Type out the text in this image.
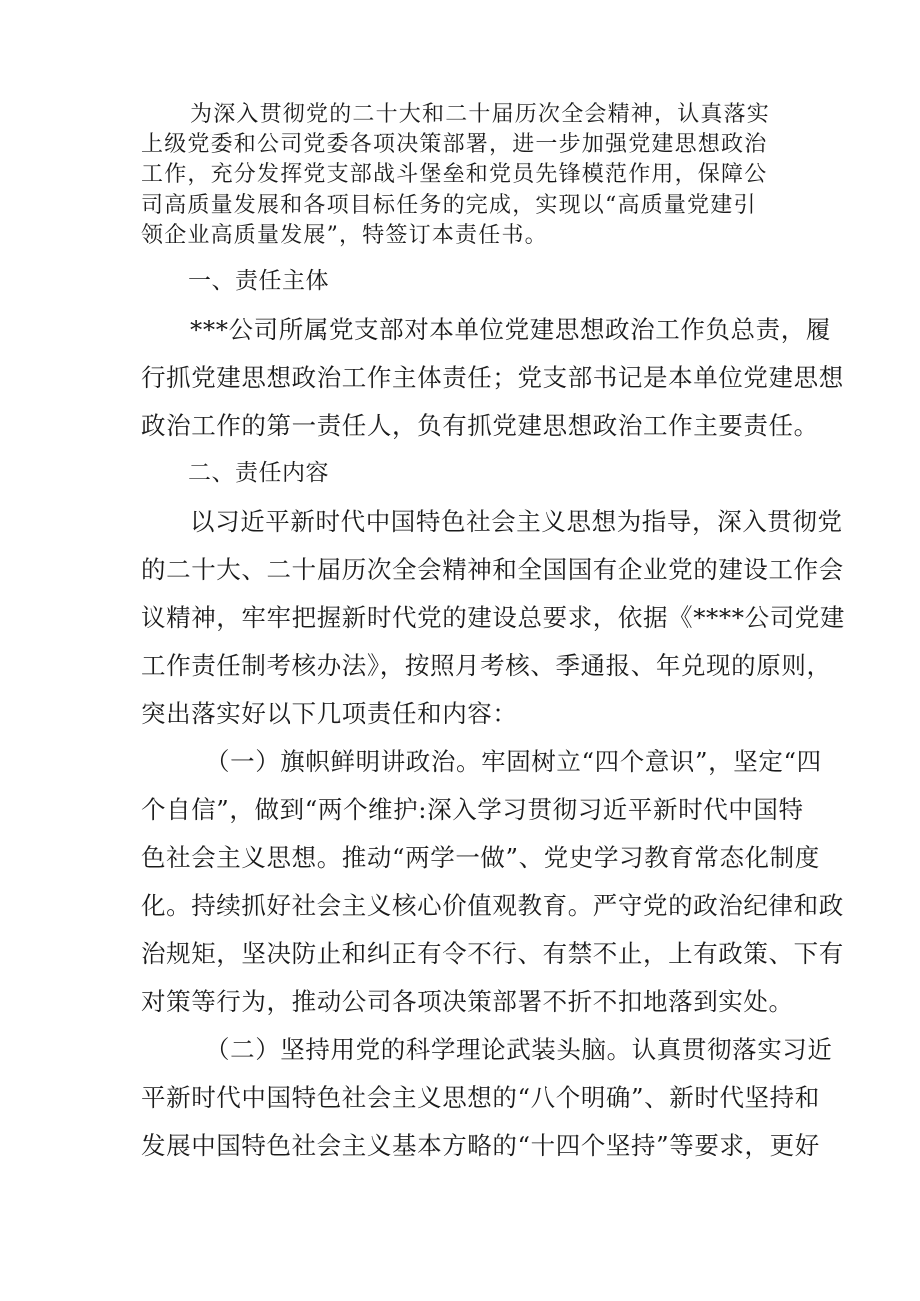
为深入贯彻党的二十大和二十届历次全会精神，认真落实
上级党委和公司党委各项决策部署，进一步加强党建思想政治
工作，充分发挥党支部战斗堡垒和党员先锋模范作用，保障公
司高质量发展和各项目标任务的完成，实现以“高质量党建引
领企业高质量发展”，特签订本责任书。
一、责任主体
***公司所属党支部对本单位党建思想政治工作负总责，履
行抓党建思想政治工作主体责任；党支部书记是本单位党建思想
政治工作的第一责任人，负有抓党建思想政治工作主要责任。
二、责任内容
以习近平新时代中国特色社会主义思想为指导，深入贯彻党
的二十大、二十届历次全会精神和全国国有企业党的建设工作会
议精神，牢牢把握新时代党的建设总要求，依据《****公司党建
工作责任制考核办法》，按照月考核、季通报、年兑现的原则，
突出落实好以下几项责任和内容：
（一）旗帜鲜明讲政治。牢固树立“四个意识”，坚定“四
个自信”，做到“两个维护:深入学习贯彻习近平新时代中国特
色社会主义思想。推动“两学一做”、党史学习教育常态化制度
化。持续抓好社会主义核心价值观教育。严守党的政治纪律和政
治规矩，坚决防止和纠正有令不行、有禁不止，上有政策、下有
对策等行为，推动公司各项决策部署不折不扣地落到实处。
（二）坚持用党的科学理论武装头脑。认真贯彻落实习近
平新时代中国特色社会主义思想的“八个明确”、新时代坚持和
发展中国特色社会主义基本方略的“十四个坚持”等要求，更好
